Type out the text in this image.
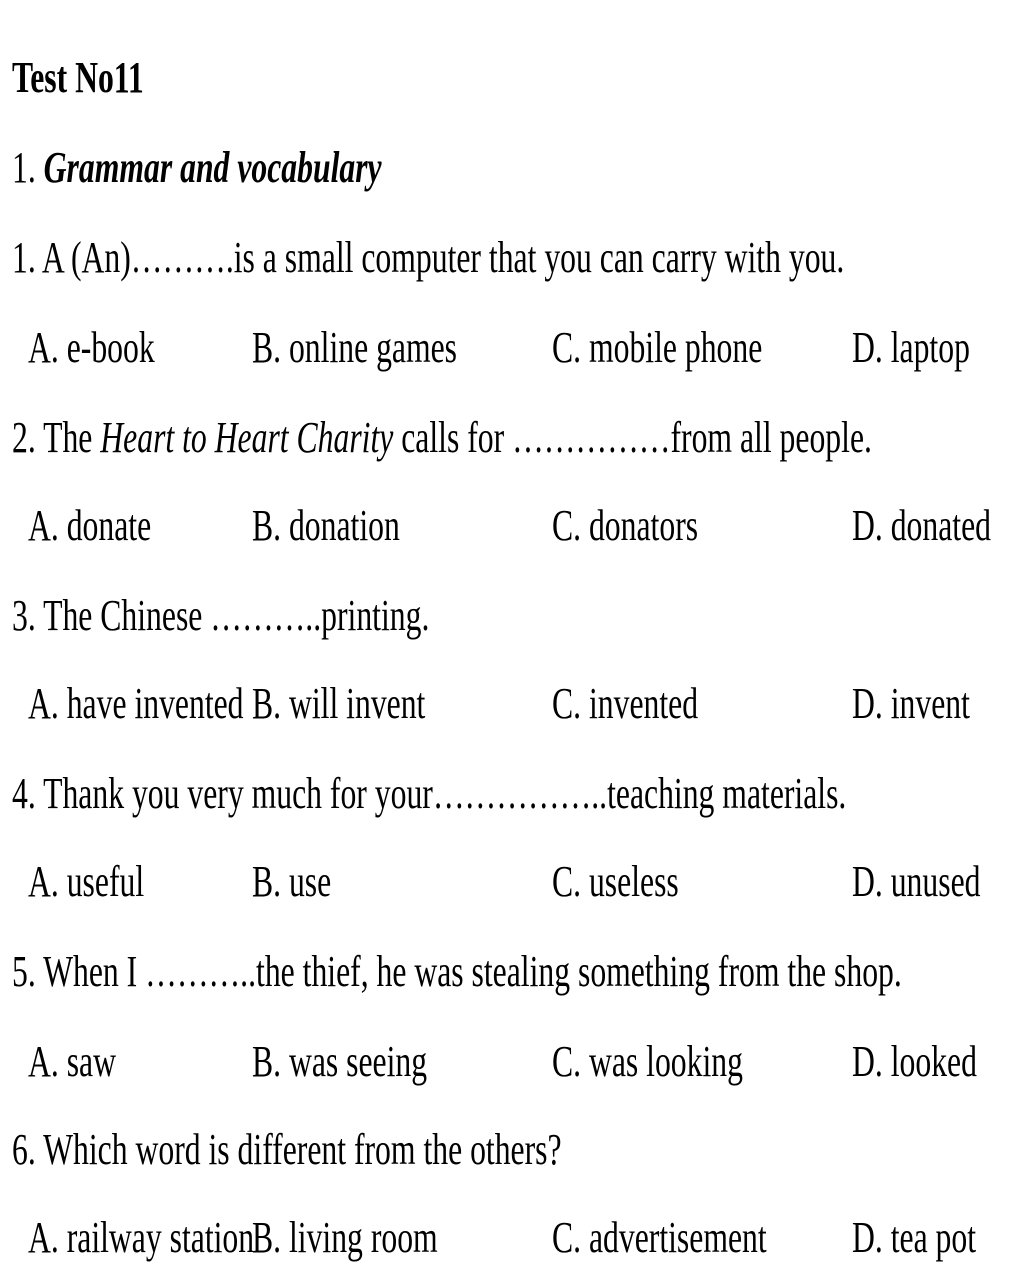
Test No11
1. Grammar and vocabulary
1. A (An)……….is a small computer that you can carry with you.
A. e-book B. online games C. mobile phone D. laptop
2. The Heart to Heart Charity calls for ……………from all people.
A. donate B. donation	C. donators	D. donated
3. The Chinese ………..printing.
A. have invented B. will invent	C. invented	D. invent
4. Thank you very much for your……………..teaching materials.
A. useful B. use	C. useless	D. unused
5. When I ………..the thief, he was stealing something from the shop.
A. saw	B. was seeing	C. was looking D. looked
6. Which word is different from the others?
A. railway station
B. living room	C. advertisement D. tea pot
